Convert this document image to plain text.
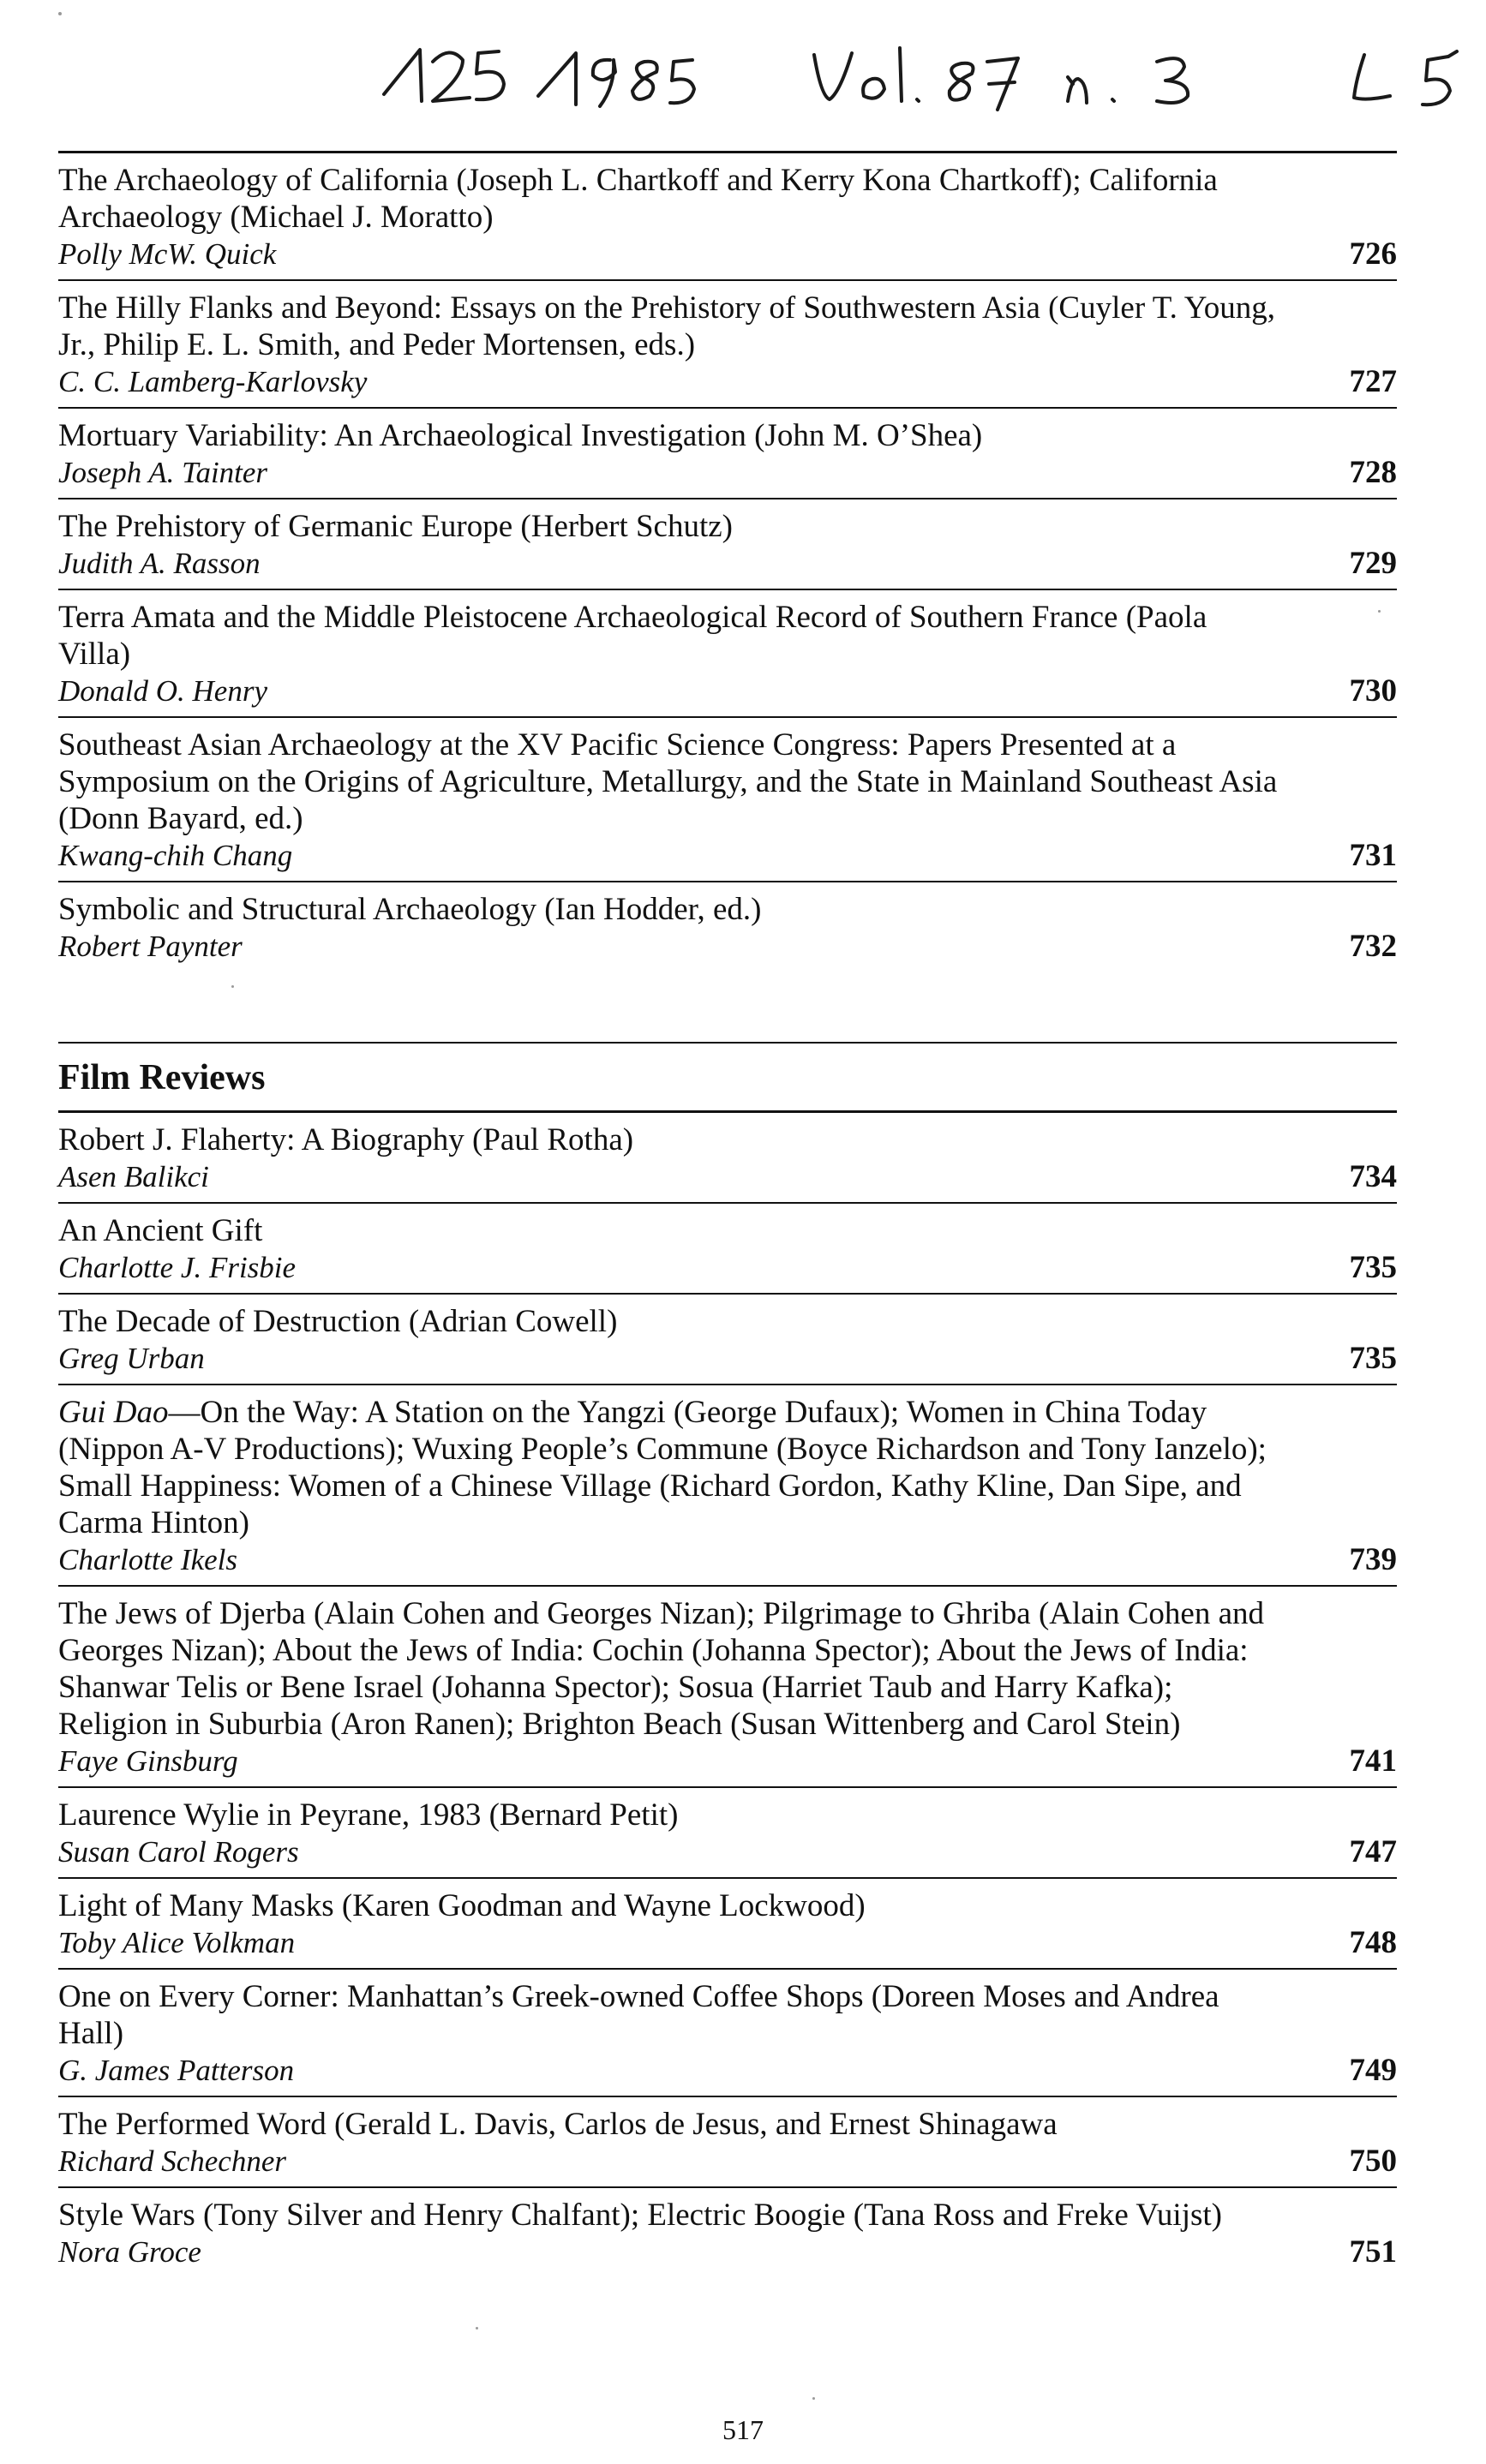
The Archaeology of California (Joseph L. Chartkoff and Kerry Kona Chartkoff); California Archaeology (Michael J. Moratto)
Polly McW. Quick	726
The Hilly Flanks and Beyond: Essays on the Prehistory of Southwestern Asia (Cuyler T. Young, Jr., Philip E. L. Smith, and Peder Mortensen, eds.)
C. C. Lamberg-Karlovsky	727
Mortuary Variability: An Archaeological Investigation (John M. O’Shea)
Joseph A. Tainter	728
The Prehistory of Germanic Europe (Herbert Schutz)
Judith A. Rasson	729
Terra Amata and the Middle Pleistocene Archaeological Record of Southern France (Paola Villa)
Donald O. Henry	730
Southeast Asian Archaeology at the XV Pacific Science Congress: Papers Presented at a Symposium on the Origins of Agriculture, Metallurgy, and the State in Mainland Southeast Asia (Donn Bayard, ed.)
Kwang-chih Chang	731
Symbolic and Structural Archaeology (Ian Hodder, ed.)
Robert Paynter	732
Film Reviews
Robert J. Flaherty: A Biography (Paul Rotha)
Asen Balikci	734
An Ancient Gift
Charlotte J. Frisbie	735
The Decade of Destruction (Adrian Cowell)
Greg Urban	735
Gui Dao—On the Way: A Station on the Yangzi (George Dufaux); Women in China Today (Nippon A-V Productions); Wuxing People’s Commune (Boyce Richardson and Tony Ianzelo); Small Happiness: Women of a Chinese Village (Richard Gordon, Kathy Kline, Dan Sipe, and Carma Hinton)
Charlotte Ikels	739
The Jews of Djerba (Alain Cohen and Georges Nizan); Pilgrimage to Ghriba (Alain Cohen and Georges Nizan); About the Jews of India: Cochin (Johanna Spector); About the Jews of India: Shanwar Telis or Bene Israel (Johanna Spector); Sosua (Harriet Taub and Harry Kafka); Religion in Suburbia (Aron Ranen); Brighton Beach (Susan Wittenberg and Carol Stein)
Faye Ginsburg	741
Laurence Wylie in Peyrane, 1983 (Bernard Petit)
Susan Carol Rogers	747
Light of Many Masks (Karen Goodman and Wayne Lockwood)
Toby Alice Volkman	748
One on Every Corner: Manhattan’s Greek-owned Coffee Shops (Doreen Moses and Andrea Hall)
G. James Patterson	749
The Performed Word (Gerald L. Davis, Carlos de Jesus, and Ernest Shinagawa
Richard Schechner	750
Style Wars (Tony Silver and Henry Chalfant); Electric Boogie (Tana Ross and Freke Vuijst)
Nora Groce	751
517
